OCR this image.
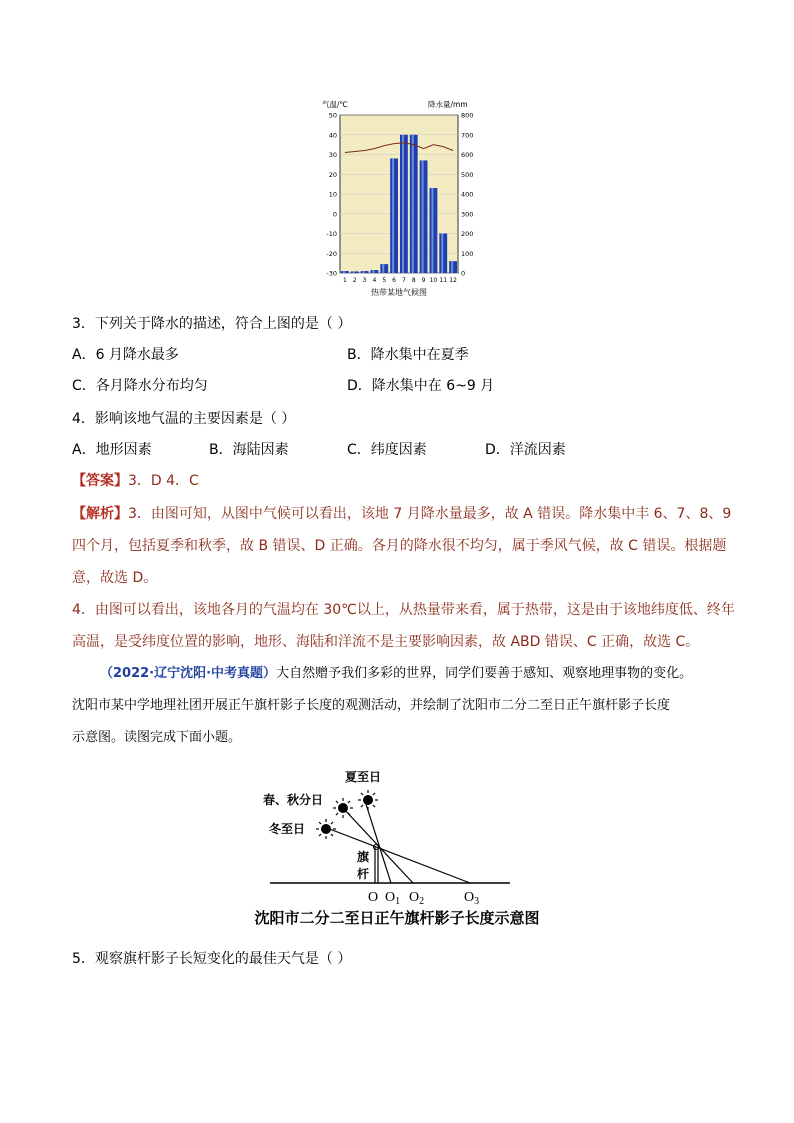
气温/℃	降水量/mm
50
40
30
20
10
0
-10
-20
-30
800
700
600
500
400
300
200
100
0
1 2 3 4 5 6 7 8 9 10 11 12
热带某地气候图
3．下列关于降水的描述，符合上图的是（ ）
A．6 月降水最多	B．降水集中在夏季
C．各月降水分布均匀	D．降水集中在 6~9 月
4．影响该地气温的主要因素是（ ）
A．地形因素	B．海陆因素	C．纬度因素	D．洋流因素
【答案】3．D 4．C
【解析】3．由图可知，从图中气候可以看出，该地 7 月降水量最多，故 A 错误。降水集中丰 6、7、8、9
四个月，包括夏季和秋季，故 B 错误、D 正确。各月的降水很不均匀，属于季风气候，故 C 错误。根据题
意，故选 D。
4．由图可以看出，该地各月的气温均在 30℃以上，从热量带来看，属于热带，这是由于该地纬度低、终年
高温，是受纬度位置的影响，地形、海陆和洋流不是主要影响因素，故 ABD 错误、C 正确，故选 C。
（2022·辽宁沈阳·中考真题）大自然赠予我们多彩的世界，同学们要善于感知、观察地理事物的变化。
沈阳市某中学地理社团开展正午旗杆影子长度的观测活动，并绘制了沈阳市二分二至日正午旗杆影子长度
示意图。读图完成下面小题。
夏至日
春、秋分日
冬至日
旗
杆
O $O_1$ $O_2$	$O_3$
沈阳市二分二至日正午旗杆影子长度示意图
5．观察旗杆影子长短变化的最佳天气是（ ）
